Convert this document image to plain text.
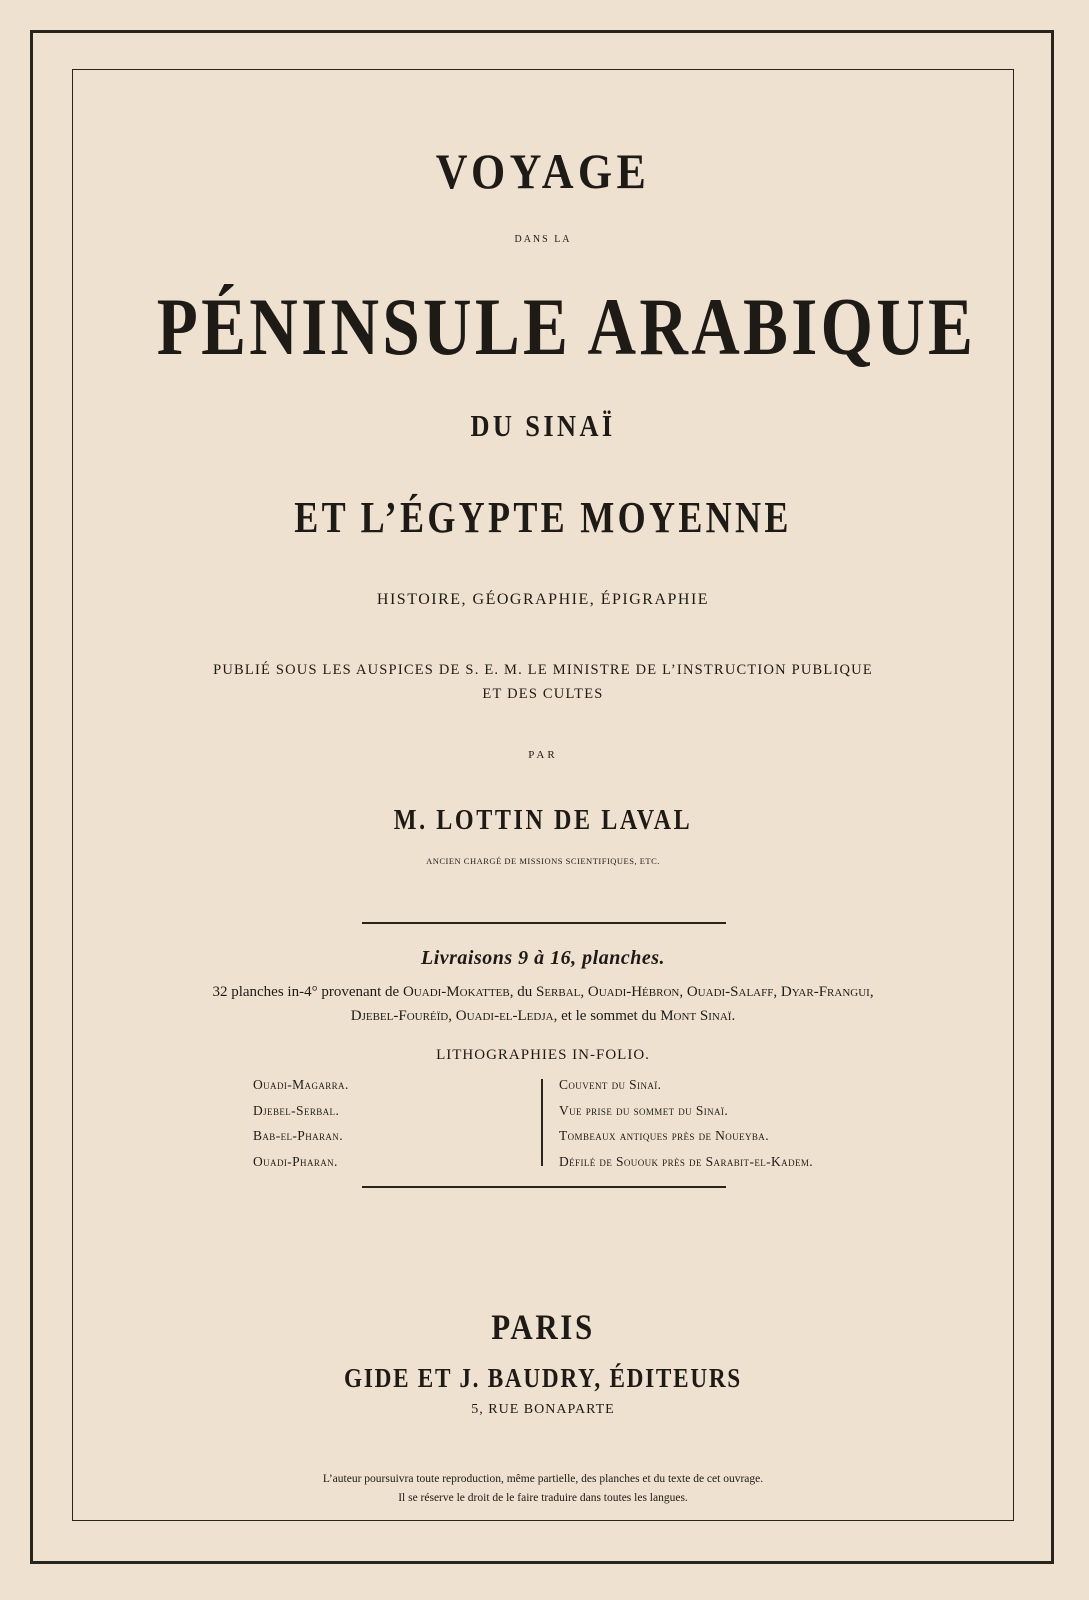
VOYAGE
DANS LA
PÉNINSULE ARABIQUE
DU SINAÏ
ET L’ÉGYPTE MOYENNE
HISTOIRE, GÉOGRAPHIE, ÉPIGRAPHIE
PUBLIÉ SOUS LES AUSPICES DE S. E. M. LE MINISTRE DE L’INSTRUCTION PUBLIQUE
ET DES CULTES
PAR
M. LOTTIN DE LAVAL
ANCIEN CHARGÉ DE MISSIONS SCIENTIFIQUES, ETC.
Livraisons 9 à 16, planches.
32 planches in-4° provenant de Ouadi-Mokatteb, du Serbal, Ouadi-Hébron, Ouadi-Salaff, Dyar-Frangui,
Djebel-Fouréïd, Ouadi-el-Ledja, et le sommet du Mont Sinaï.
LITHOGRAPHIES IN-FOLIO.
Ouadi-Magarra.
Djebel-Serbal.
Bab-el-Pharan.
Ouadi-Pharan.
Couvent du Sinaï.
Vue prise du sommet du Sinaï.
Tombeaux antiques près de Noueyba.
Défilé de Sououk près de Sarabit-el-Kadem.
PARIS
GIDE ET J. BAUDRY, ÉDITEURS
5, RUE BONAPARTE
L’auteur poursuivra toute reproduction, même partielle, des planches et du texte de cet ouvrage.
Il se réserve le droit de le faire traduire dans toutes les langues.
